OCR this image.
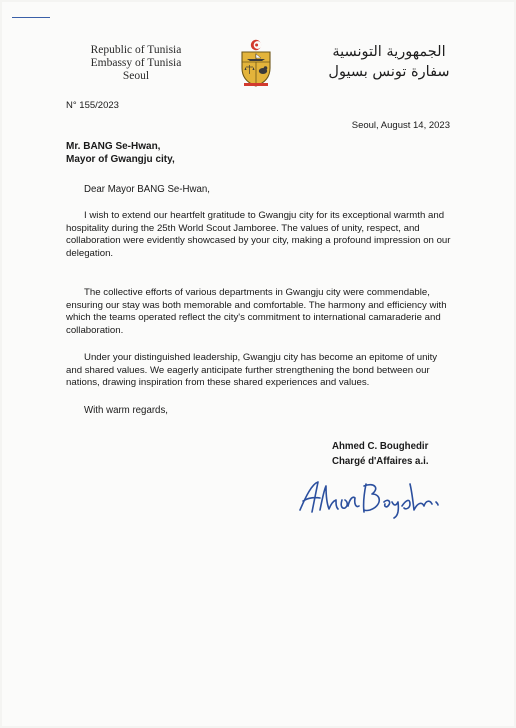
Republic of Tunisia
Embassy of Tunisia
Seoul
الجمهورية التونسية
سفارة تونس بسيول
N° 155/2023
Seoul, August 14, 2023
Mr. BANG Se-Hwan,
Mayor of Gwangju city,
Dear Mayor BANG Se-Hwan,

I wish to extend our heartfelt gratitude to Gwangju city for its exceptional warmth and hospitality during the 25th World Scout Jamboree. The values of unity, respect, and collaboration were evidently showcased by your city, making a profound impression on our delegation.

The collective efforts of various departments in Gwangju city were commendable, ensuring our stay was both memorable and comfortable. The harmony and efficiency with which the teams operated reflect the city's commitment to international camaraderie and collaboration.

Under your distinguished leadership, Gwangju city has become an epitome of unity and shared values. We eagerly anticipate further strengthening the bond between our nations, drawing inspiration from these shared experiences and values.

With warm regards,
Ahmed C. Boughedir
Chargé d'Affaires a.i.
